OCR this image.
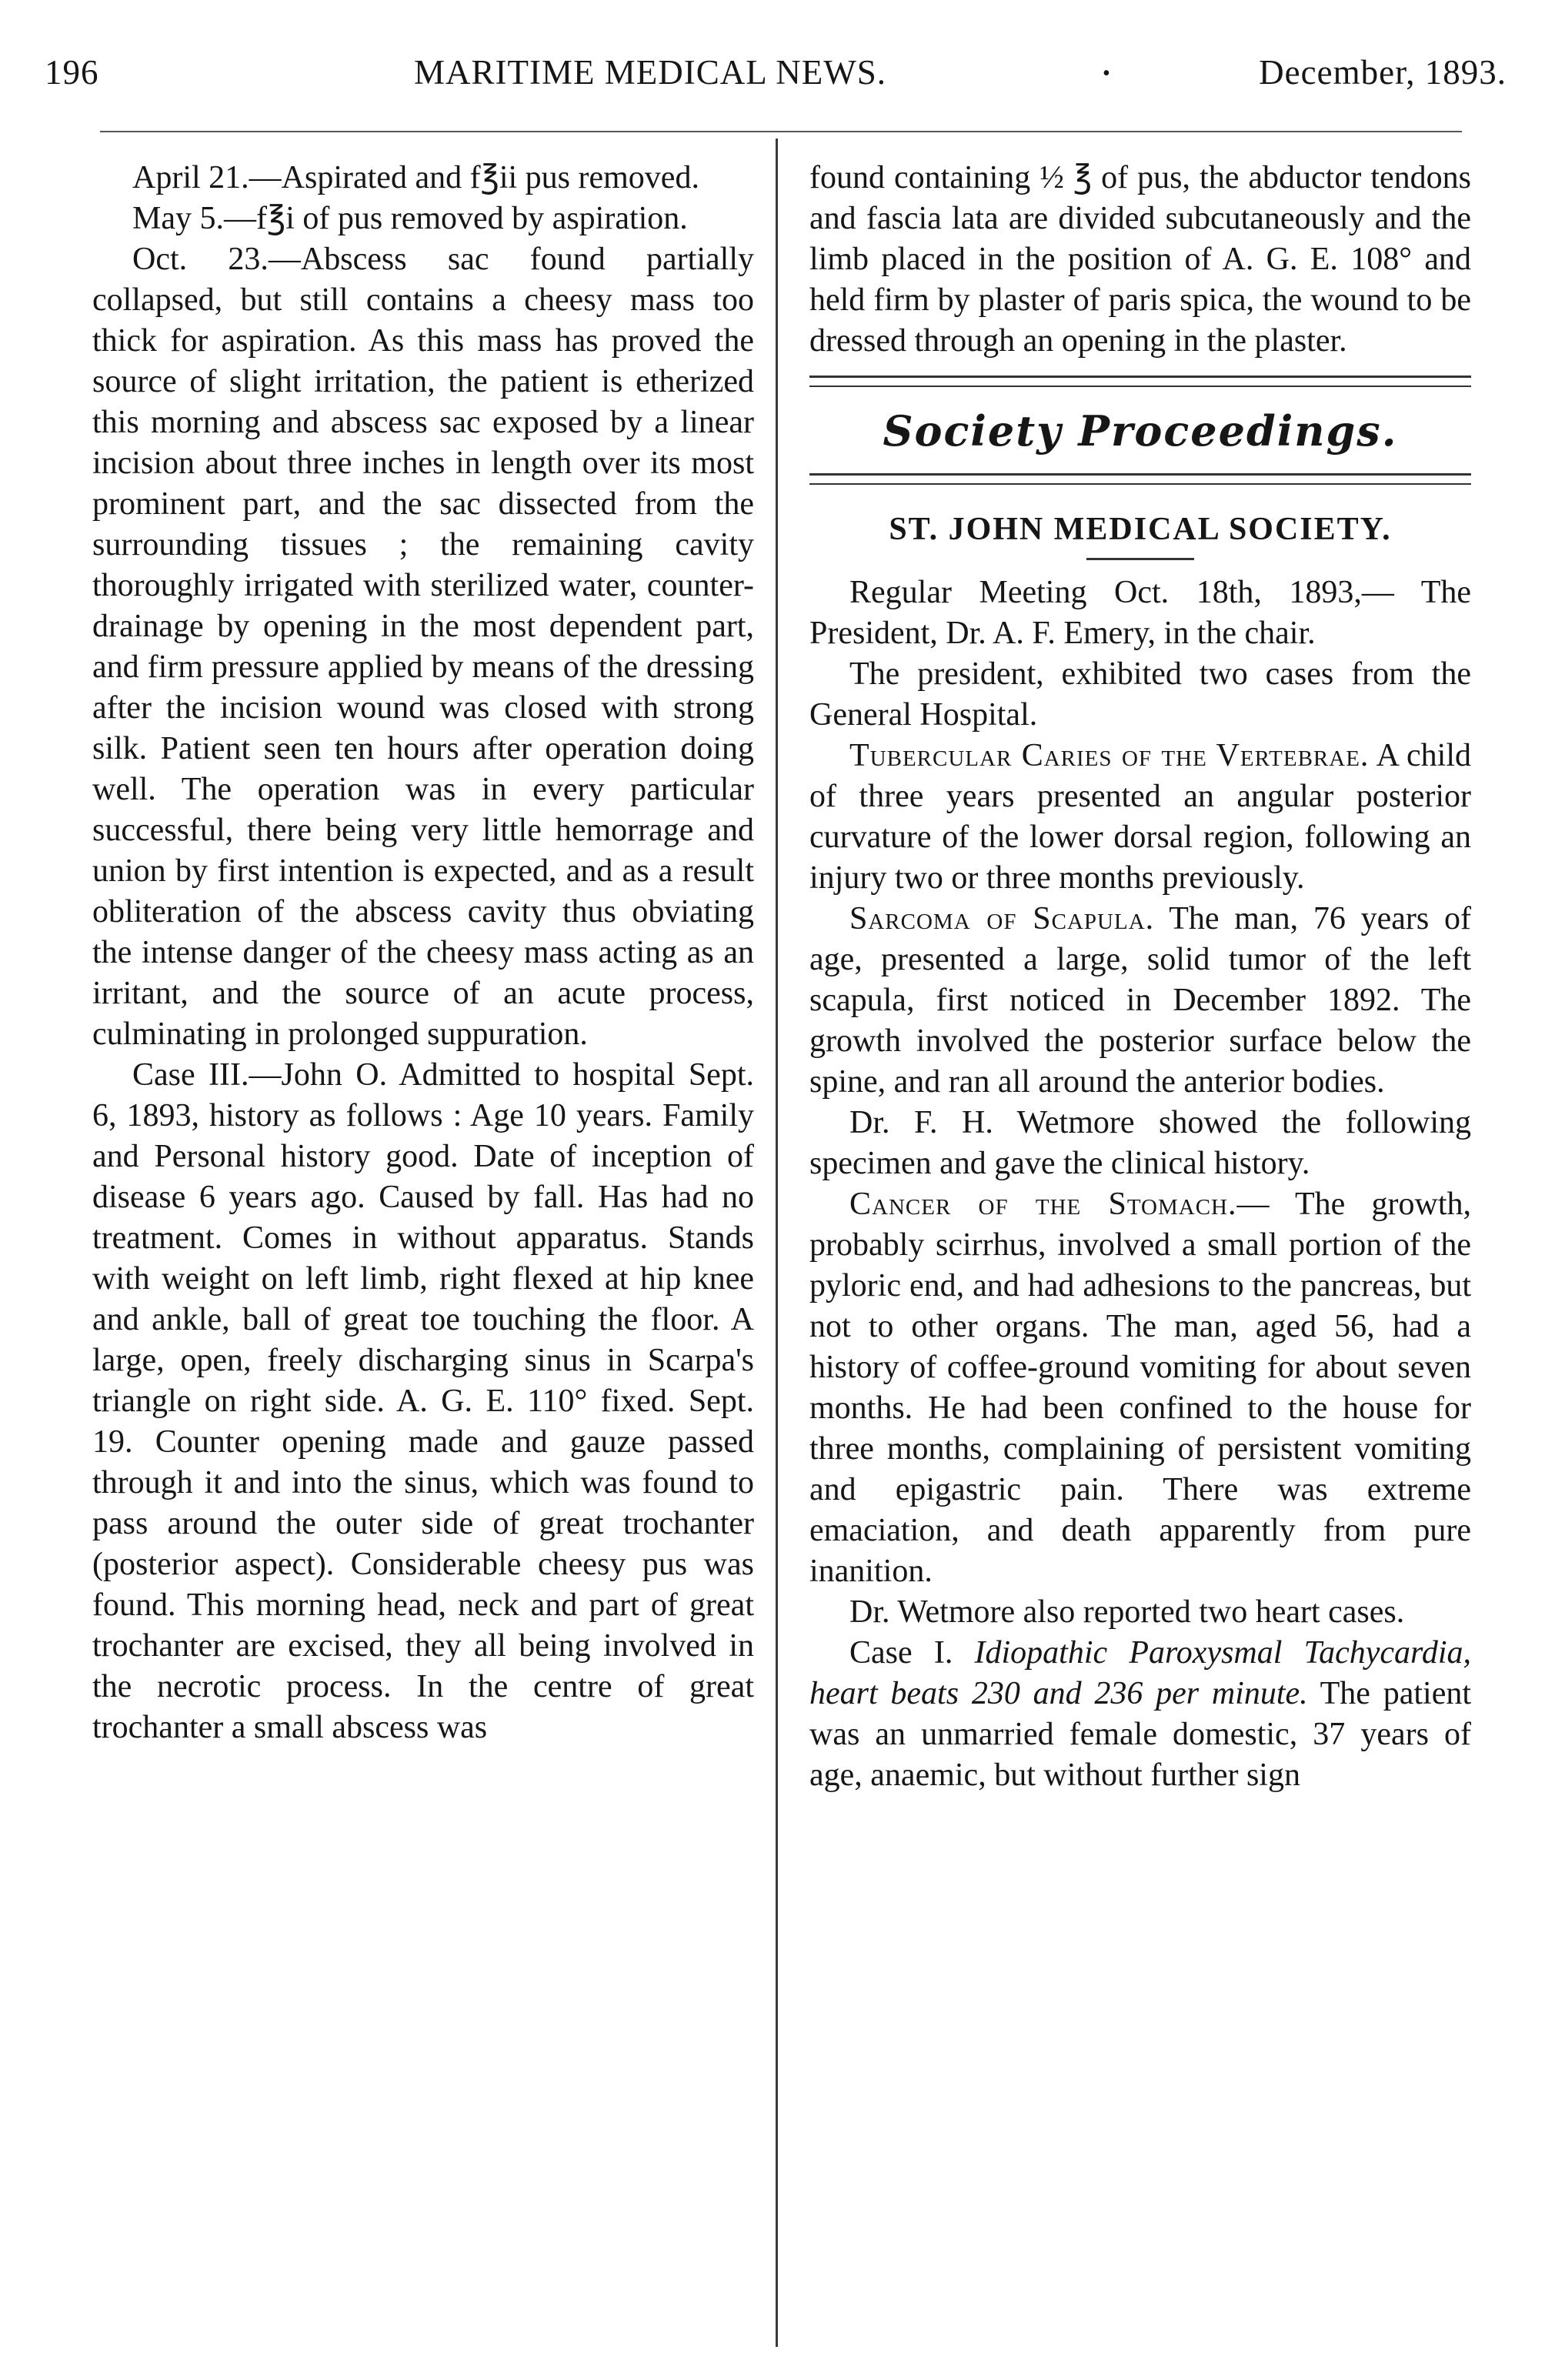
196	MARITIME MEDICAL NEWS.	•	December, 1893.

April 21.—Aspirated and f℥ii pus removed.

May 5.—f℥i of pus removed by aspiration.

Oct. 23.—Abscess sac found partially collapsed, but still contains a cheesy mass too thick for aspiration. As this mass has proved the source of slight irritation, the patient is etherized this morning and abscess sac exposed by a linear incision about three inches in length over its most prominent part, and the sac dissected from the surrounding tissues ; the remaining cavity thoroughly irrigated with sterilized water, counter-drainage by opening in the most dependent part, and firm pressure applied by means of the dressing after the incision wound was closed with strong silk. Patient seen ten hours after operation doing well. The operation was in every particular successful, there being very little hemorrage and union by first intention is expected, and as a result obliteration of the abscess cavity thus obviating the intense danger of the cheesy mass acting as an irritant, and the source of an acute process, culminating in prolonged suppuration.

Case III.—John O. Admitted to hospital Sept. 6, 1893, history as follows : Age 10 years. Family and Personal history good. Date of inception of disease 6 years ago. Caused by fall. Has had no treatment. Comes in without apparatus. Stands with weight on left limb, right flexed at hip knee and ankle, ball of great toe touching the floor. A large, open, freely discharging sinus in Scarpa's triangle on right side. A. G. E. 110° fixed. Sept. 19. Counter opening made and gauze passed through it and into the sinus, which was found to pass around the outer side of great trochanter (posterior aspect). Considerable cheesy pus was found. This morning head, neck and part of great trochanter are excised, they all being involved in the necrotic process. In the centre of great trochanter a small abscess was

found containing ½ ℥ of pus, the abductor tendons and fascia lata are divided subcutaneously and the limb placed in the position of A. G. E. 108° and held firm by plaster of paris spica, the wound to be dressed through an opening in the plaster.

Society Proceedings.
ST. JOHN MEDICAL SOCIETY.

Regular Meeting Oct. 18th, 1893,— The President, Dr. A. F. Emery, in the chair.

The president, exhibited two cases from the General Hospital.

Tubercular Caries of the Vertebrae. A child of three years presented an angular posterior curvature of the lower dorsal region, following an injury two or three months previously.

Sarcoma of Scapula. The man, 76 years of age, presented a large, solid tumor of the left scapula, first noticed in December 1892. The growth involved the posterior surface below the spine, and ran all around the anterior bodies.

Dr. F. H. Wetmore showed the following specimen and gave the clinical history.

Cancer of the Stomach.— The growth, probably scirrhus, involved a small portion of the pyloric end, and had adhesions to the pancreas, but not to other organs. The man, aged 56, had a history of coffee-ground vomiting for about seven months. He had been confined to the house for three months, complaining of persistent vomiting and epigastric pain. There was extreme emaciation, and death apparently from pure inanition.

Dr. Wetmore also reported two heart cases.

Case I. Idiopathic Paroxysmal Tachycardia, heart beats 230 and 236 per minute. The patient was an unmarried female domestic, 37 years of age, anaemic, but without further sign
